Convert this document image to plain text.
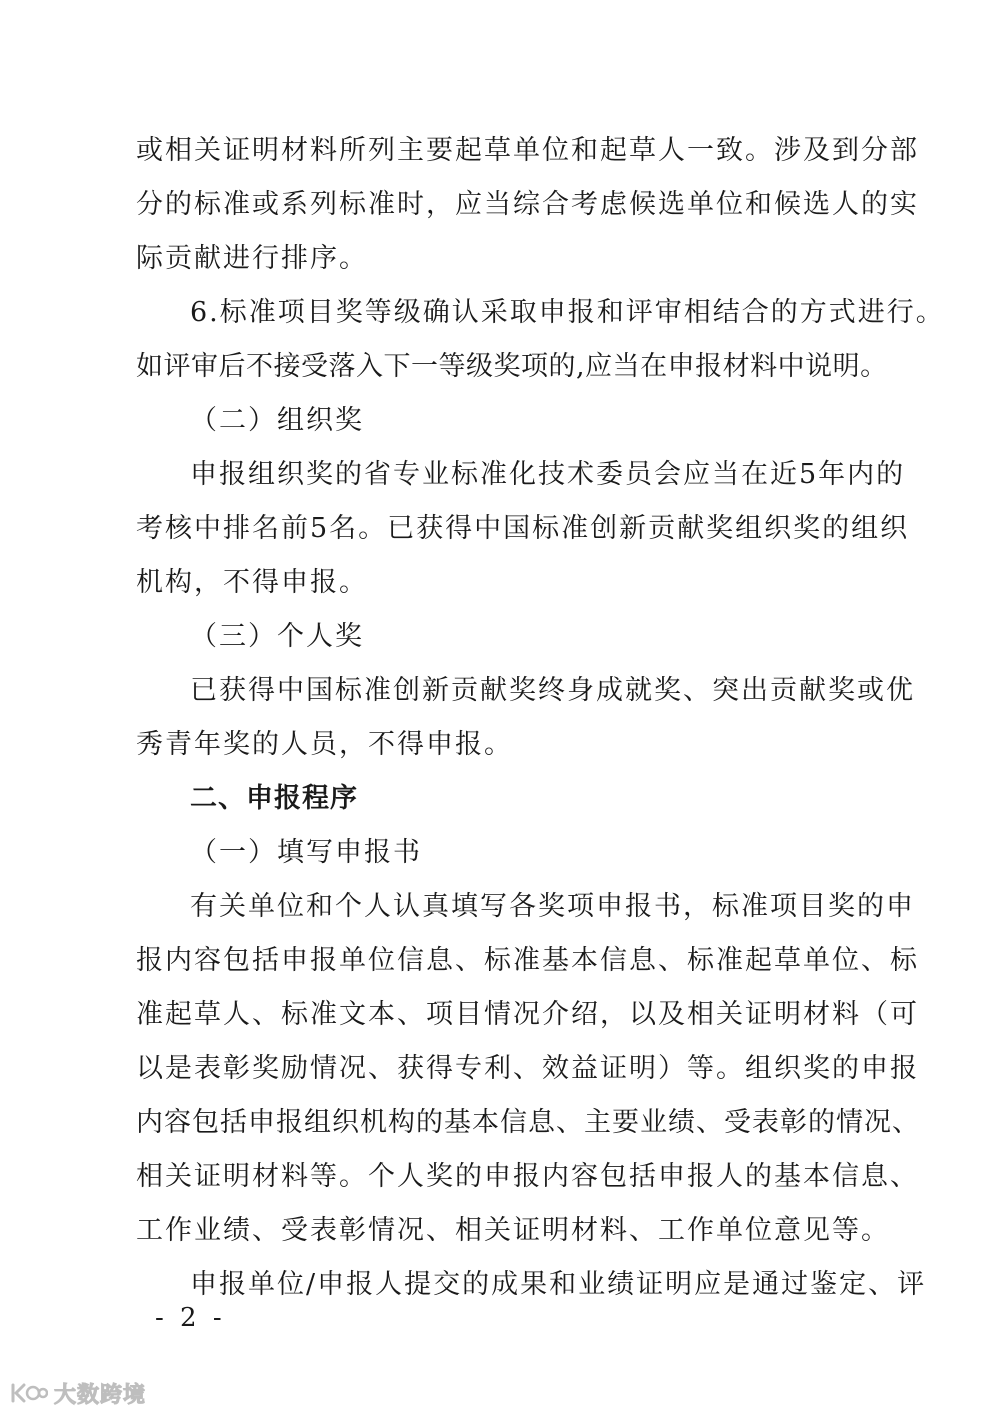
或相关证明材料所列主要起草单位和起草人一致。涉及到分部
分的标准或系列标准时，应当综合考虑候选单位和候选人的实
际贡献进行排序。
6.标准项目奖等级确认采取申报和评审相结合的方式进行。
如评审后不接受落入下一等级奖项的,应当在申报材料中说明。
（二）组织奖
申报组织奖的省专业标准化技术委员会应当在近5年内的
考核中排名前5名。已获得中国标准创新贡献奖组织奖的组织
机构，不得申报。
（三）个人奖
已获得中国标准创新贡献奖终身成就奖、突出贡献奖或优
秀青年奖的人员，不得申报。
二、申报程序
（一）填写申报书
有关单位和个人认真填写各奖项申报书，标准项目奖的申
报内容包括申报单位信息、标准基本信息、标准起草单位、标
准起草人、标准文本、项目情况介绍，以及相关证明材料（可
以是表彰奖励情况、获得专利、效益证明）等。组织奖的申报
内容包括申报组织机构的基本信息、主要业绩、受表彰的情况、
相关证明材料等。个人奖的申报内容包括申报人的基本信息、
工作业绩、受表彰情况、相关证明材料、工作单位意见等。
申报单位/申报人提交的成果和业绩证明应是通过鉴定、评
- 2 -
大数跨境
